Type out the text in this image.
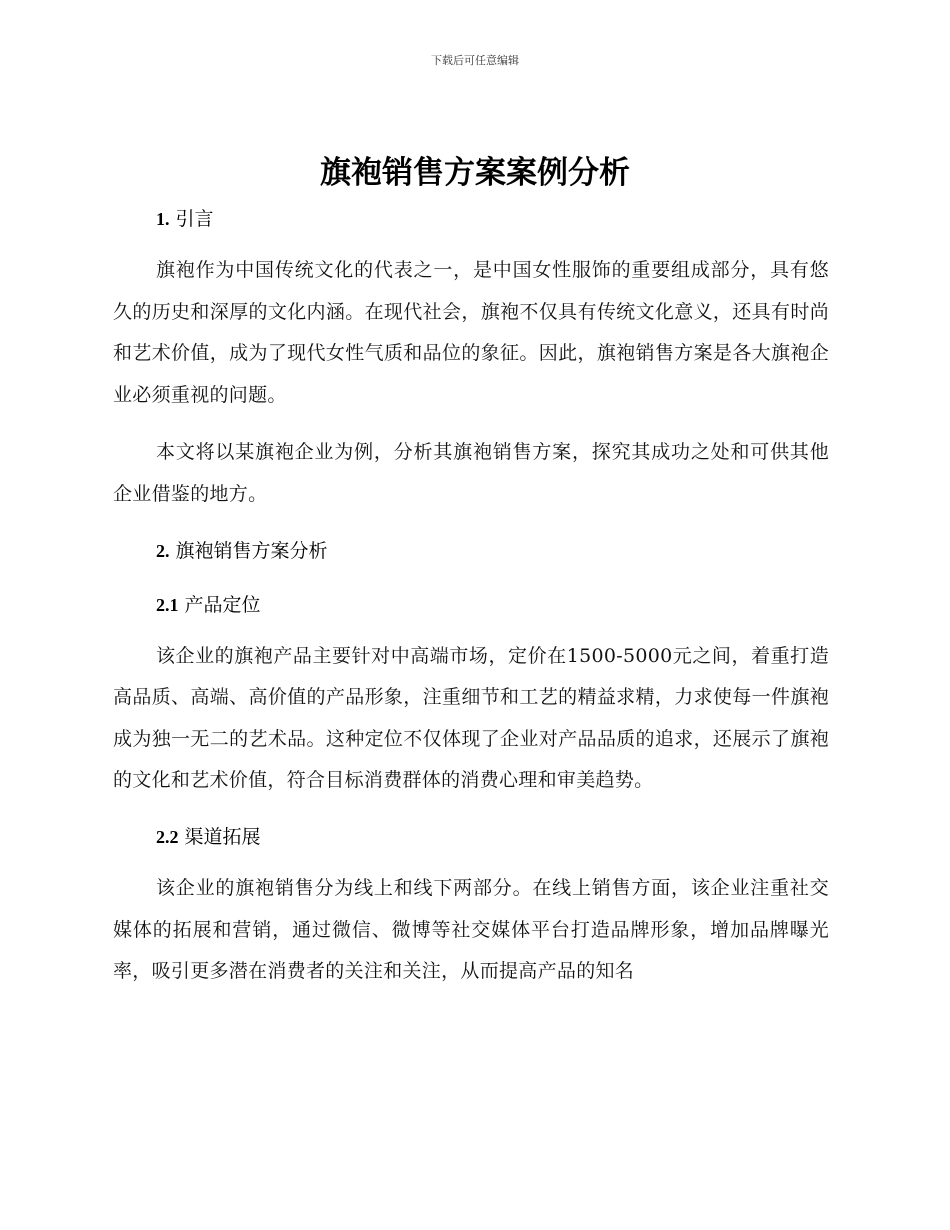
下载后可任意编辑
旗袍销售方案案例分析
1. 引言

旗袍作为中国传统文化的代表之一，是中国女性服饰的重要组成部分，具有悠久的历史和深厚的文化内涵。在现代社会，旗袍不仅具有传统文化意义，还具有时尚和艺术价值，成为了现代女性气质和品位的象征。因此，旗袍销售方案是各大旗袍企业必须重视的问题。

本文将以某旗袍企业为例，分析其旗袍销售方案，探究其成功之处和可供其他企业借鉴的地方。

2. 旗袍销售方案分析
2.1 产品定位

该企业的旗袍产品主要针对中高端市场，定价在1500-5000元之间，着重打造高品质、高端、高价值的产品形象，注重细节和工艺的精益求精，力求使每一件旗袍成为独一无二的艺术品。这种定位不仅体现了企业对产品品质的追求，还展示了旗袍的文化和艺术价值，符合目标消费群体的消费心理和审美趋势。

2.2 渠道拓展

该企业的旗袍销售分为线上和线下两部分。在线上销售方面，该企业注重社交媒体的拓展和营销，通过微信、微博等社交媒体平台打造品牌形象，增加品牌曝光率，吸引更多潜在消费者的关注和关注，从而提高产品的知名
